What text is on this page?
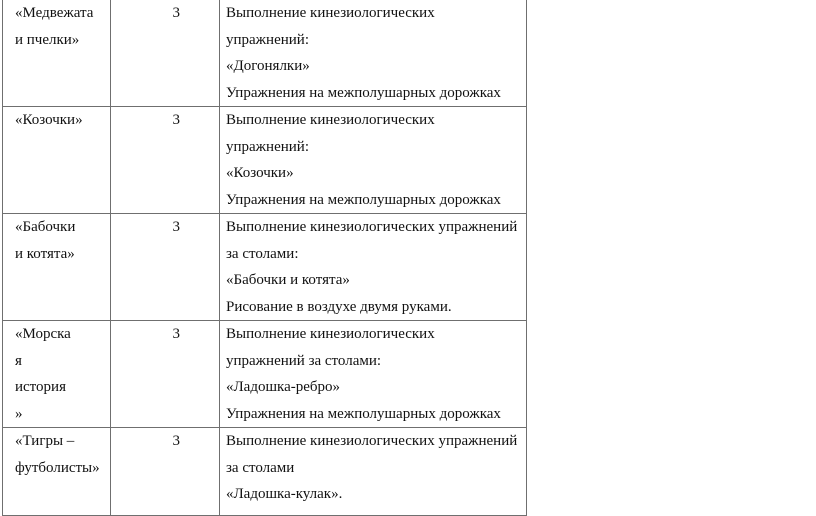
«Медвежата
и пчелки»	3	Выполнение кинезиологических
упражнений:
«Догонялки»
Упражнения на межполушарных дорожках

«Козочки»	3	Выполнение кинезиологических
упражнений:
«Козочки»
Упражнения на межполушарных дорожках

«Бабочки
и котята»	3	Выполнение кинезиологических упражнений
за столами:
«Бабочки и котята»
Рисование в воздухе двумя руками.

«Морска
я
история
»	3	Выполнение кинезиологических
упражнений за столами:
«Ладошка-ребро»
Упражнения на межполушарных дорожках

«Тигры –
футболисты»	3	Выполнение кинезиологических упражнений
за столами
«Ладошка-кулак».
